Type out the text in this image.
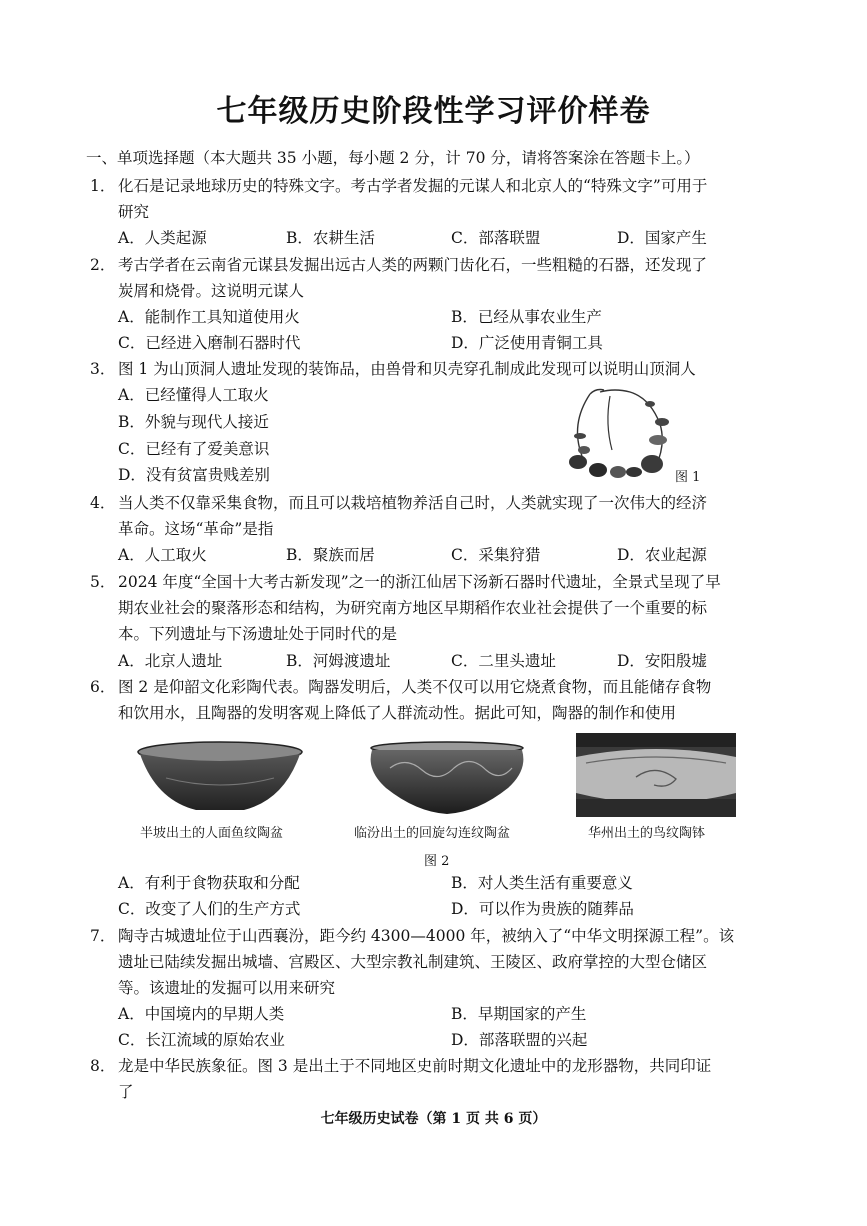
七年级历史阶段性学习评价样卷
一、单项选择题（本大题共 35 小题，每小题 2 分，计 70 分，请将答案涂在答题卡上。）
1． 化石是记录地球历史的特殊文字。考古学者发掘的元谋人和北京人的“特殊文字”可用于
研究
A．人类起源	B．农耕生活	C．部落联盟	D．国家产生
2． 考古学者在云南省元谋县发掘出远古人类的两颗门齿化石，一些粗糙的石器，还发现了
炭屑和烧骨。这说明元谋人
A．能制作工具知道使用火	B．已经从事农业生产
C．已经进入磨制石器时代	D．广泛使用青铜工具
3． 图 1 为山顶洞人遗址发现的装饰品，由兽骨和贝壳穿孔制成此发现可以说明山顶洞人
A．已经懂得人工取火
B．外貌与现代人接近
C．已经有了爱美意识
D．没有贫富贵贱差别	图 1
4． 当人类不仅靠采集食物，而且可以栽培植物养活自己时，人类就实现了一次伟大的经济
革命。这场“革命”是指
A．人工取火	B．聚族而居	C．采集狩猎	D．农业起源
5． 2024 年度“全国十大考古新发现”之一的浙江仙居下汤新石器时代遗址，全景式呈现了早
期农业社会的聚落形态和结构，为研究南方地区早期稻作农业社会提供了一个重要的标
本。下列遗址与下汤遗址处于同时代的是
A．北京人遗址	B．河姆渡遗址	C．二里头遗址	D．安阳殷墟
6． 图 2 是仰韶文化彩陶代表。陶器发明后，人类不仅可以用它烧煮食物，而且能储存食物
和饮用水，且陶器的发明客观上降低了人群流动性。据此可知，陶器的制作和使用
半坡出土的人面鱼纹陶盆	临汾出土的回旋勾连纹陶盆	华州出土的鸟纹陶钵
图 2
A．有利于食物获取和分配	B．对人类生活有重要意义
C．改变了人们的生产方式	D．可以作为贵族的随葬品
7． 陶寺古城遗址位于山西襄汾，距今约 4300—4000 年，被纳入了“中华文明探源工程”。该
遗址已陆续发掘出城墙、宫殿区、大型宗教礼制建筑、王陵区、政府掌控的大型仓储区
等。该遗址的发掘可以用来研究
A．中国境内的早期人类	B．早期国家的产生
C．长江流域的原始农业	D．部落联盟的兴起
8． 龙是中华民族象征。图 3 是出土于不同地区史前时期文化遗址中的龙形器物，共同印证
了
七年级历史试卷（第 1 页 共 6 页）
